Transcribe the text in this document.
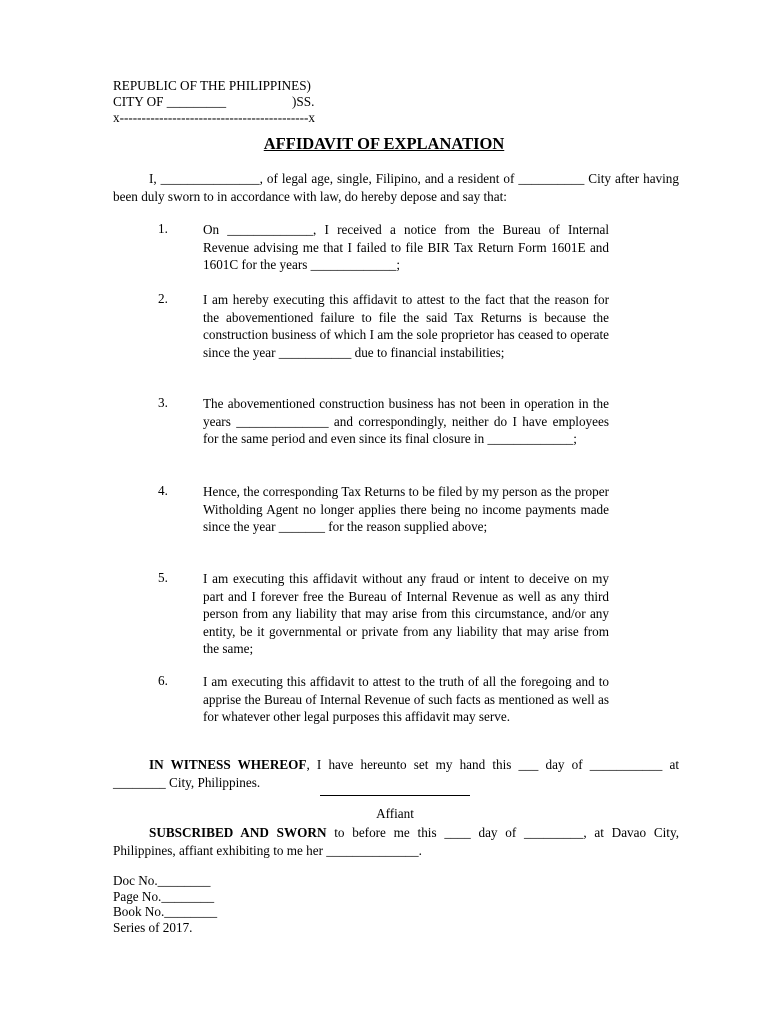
REPUBLIC OF THE PHILIPPINES)
CITY OF _________                    )SS.
x-------------------------------------------x
AFFIDAVIT OF EXPLANATION
I, _______________, of legal age, single, Filipino, and a resident of __________ City after having been duly sworn to in accordance with law, do hereby depose and say that:
1.	On _____________, I received a notice from the Bureau of Internal Revenue advising me that I failed to file BIR Tax Return Form 1601E and 1601C for the years _____________;
2.	I am hereby executing this affidavit to attest to the fact that the reason for the abovementioned failure to file the said Tax Returns is because the construction business of which I am the sole proprietor has ceased to operate since the year ___________ due to financial instabilities;
3.	The abovementioned construction business has not been in operation in the years ______________ and correspondingly, neither do I have employees for the same period and even since its final closure in _____________;
4.	Hence, the corresponding Tax Returns to be filed by my person as the proper Witholding Agent no longer applies there being no income payments made since the year _______ for the reason supplied above;
5.	I am executing this affidavit without any fraud or intent to deceive on my part and I forever free the Bureau of Internal Revenue as well as any third person from any liability that may arise from this circumstance, and/or any entity, be it governmental or private from any liability that may arise from the same;
6.	I am executing this affidavit to attest to the truth of all the foregoing and to apprise the Bureau of Internal Revenue of such facts as mentioned as well as for whatever other legal purposes this affidavit may serve.
IN WITNESS WHEREOF, I have hereunto set my hand this ___ day of ___________ at ________ City, Philippines.
Affiant
SUBSCRIBED AND SWORN to before me this ____ day of _________, at Davao City, Philippines, affiant exhibiting to me her ______________.
Doc No.________
Page No.________
Book No.________
Series of 2017.
